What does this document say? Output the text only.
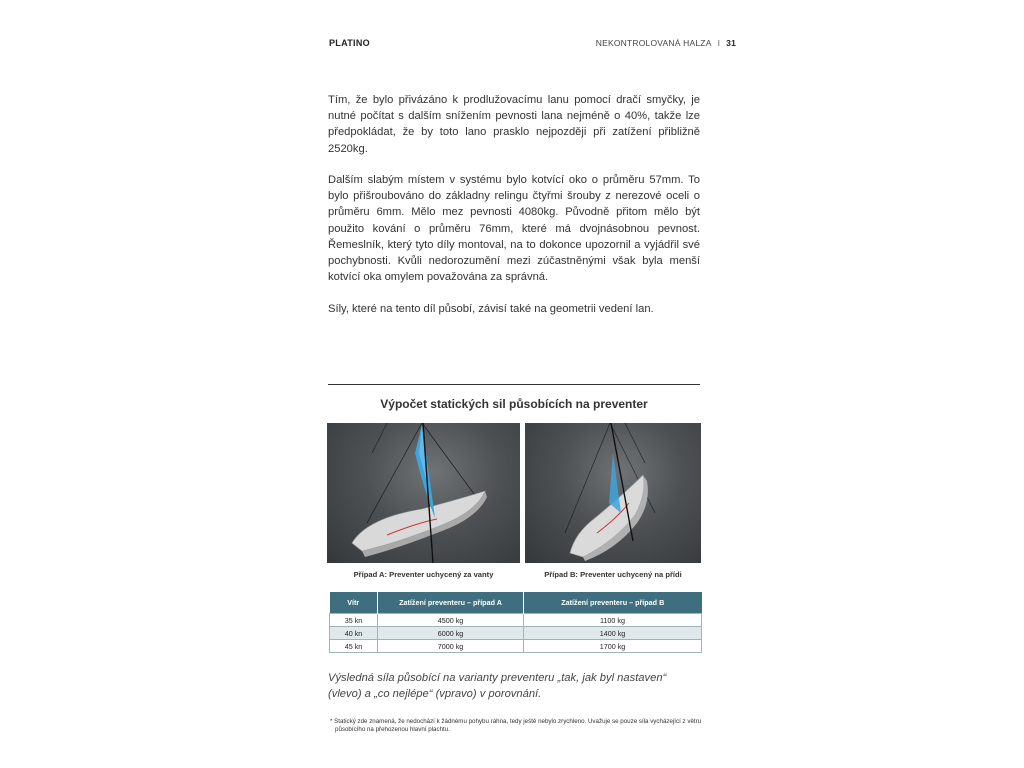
PLATINO	NEKONTROLOVANÁ HALZA I 31

Tím, že bylo přivázáno k prodlužovacímu lanu pomocí dračí smyčky, je nutné počítat s dalším snížením pevnosti lana nejméně o 40%, takže lze předpokládat, že by toto lano prasklo nejpozději při zatížení přibližně 2520kg.

Dalším slabým místem v systému bylo kotvící oko o průměru 57mm. To bylo přišroubováno do základny relingu čtyřmi šrouby z nerezové oceli o průměru 6mm. Mělo mez pevnosti 4080kg. Původně přitom mělo být použito kování o průměru 76mm, které má dvojnásobnou pevnost. Řemeslník, který tyto díly montoval, na to dokonce upozornil a vyjádřil své pochybnosti. Kvůli nedorozumění mezi zúčastněnými však byla menší kotvící oka omylem považována za správná.

Síly, které na tento díl působí, závisí také na geometrii vedení lan.

Výpočet statických sil působících na preventer
Případ A: Preventer uchycený za vanty	Případ B: Preventer uchycený na přídi
Vítr	Zatížení preventeru – případ A	Zatížení preventeru – případ B
35 kn	4500 kg	1100 kg
40 kn	6000 kg	1400 kg
45 kn	7000 kg	1700 kg

Výsledná síla působící na varianty preventeru „tak, jak byl nastaven“ (vlevo) a „co nejlépe“ (vpravo) v porovnání.

* Statický zde znamená, že nedochází k žádnému pohybu ráhna, tedy ještě nebylo zrychleno. Uvažuje se pouze síla vycházející z větru působícího na přehozenou hlavní plachtu.
